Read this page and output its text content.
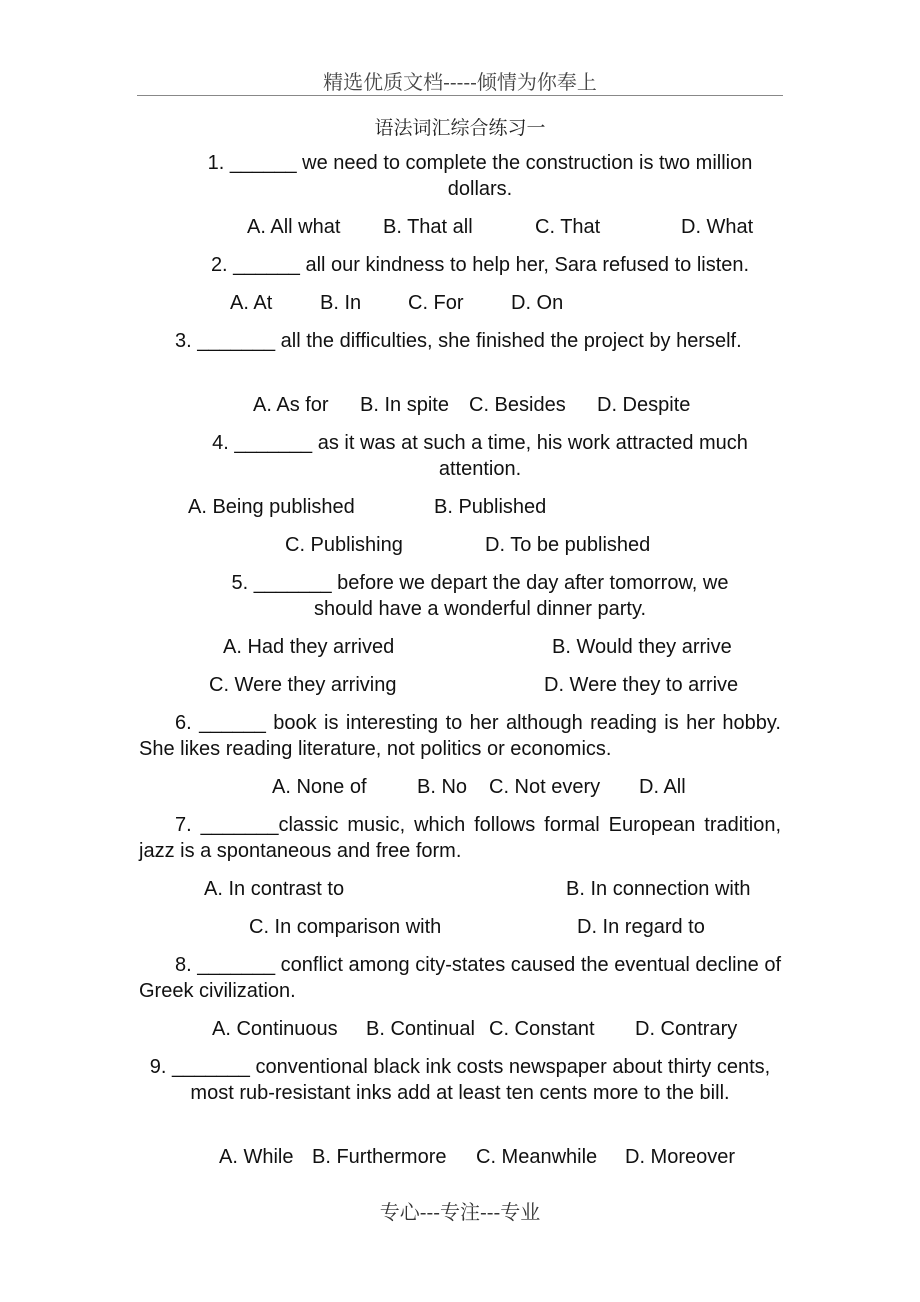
精选优质文档-----倾情为你奉上
语法词汇综合练习一

1. ______ we need to complete the construction is two million dollars.

A. All what B. That all	C. That	D. What

2. ______ all our kindness to help her, Sara refused to listen.

A. At B. In C. For D. On

3. _______ all the difficulties, she finished the project by herself.

A. As for B. In spite C. Besides D. Despite

4. _______ as it was at such a time, his work attracted much attention.

A. Being published	B. Published
C. Publishing	D. To be published

5. _______ before we depart the day after tomorrow, we should have a wonderful dinner party.

A. Had they arrived	B. Would they arrive
C. Were they arriving	D. Were they to arrive

6. ______ book is interesting to her although reading is her hobby. She likes reading literature, not politics or economics.

A. None of	B. No C. Not every D. All

7. _______classic music, which follows formal European tradition, jazz is a spontaneous and free form.

A. In contrast to	B. In connection with
C. In comparison with	D. In regard to

8. _______ conflict among city-states caused the eventual decline of Greek civilization.

A. Continuous B. Continual C. Constant D. Contrary

9. _______ conventional black ink costs newspaper about thirty cents, most rub-resistant inks add at least ten cents more to the bill.

A. While B. Furthermore C. Meanwhile D. Moreover
专心---专注---专业
